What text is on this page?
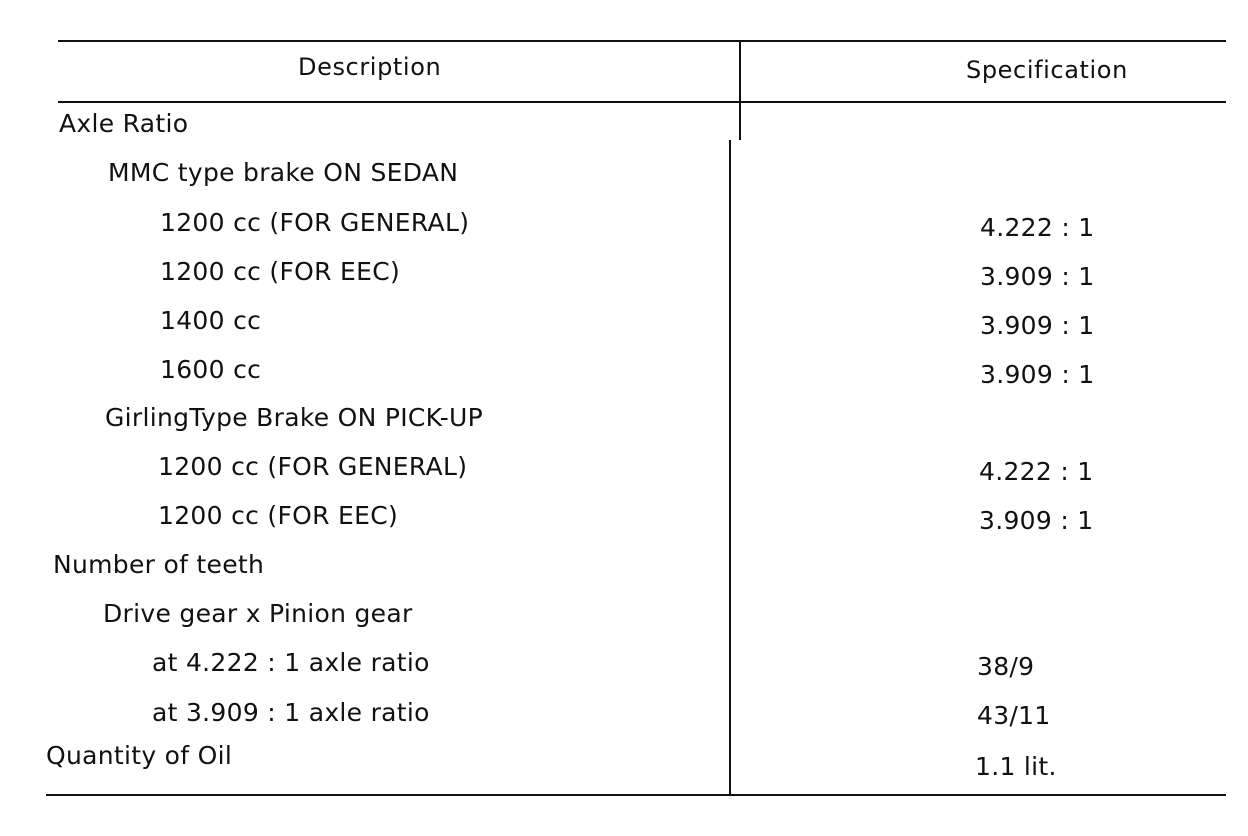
Description	Specification
Axle Ratio
MMC type brake ON SEDAN
1200 cc (FOR GENERAL)	4.222 : 1
1200 cc (FOR EEC)	3.909 : 1
1400 cc	3.909 : 1
1600 cc	3.909 : 1
GirlingType Brake ON PICK-UP
1200 cc (FOR GENERAL)	4.222 : 1
1200 cc (FOR EEC)	3.909 : 1
Number of teeth
Drive gear x Pinion gear
at 4.222 : 1 axle ratio	38/9
at 3.909 : 1 axle ratio	43/11
Quantity of Oil	1.1 lit.
